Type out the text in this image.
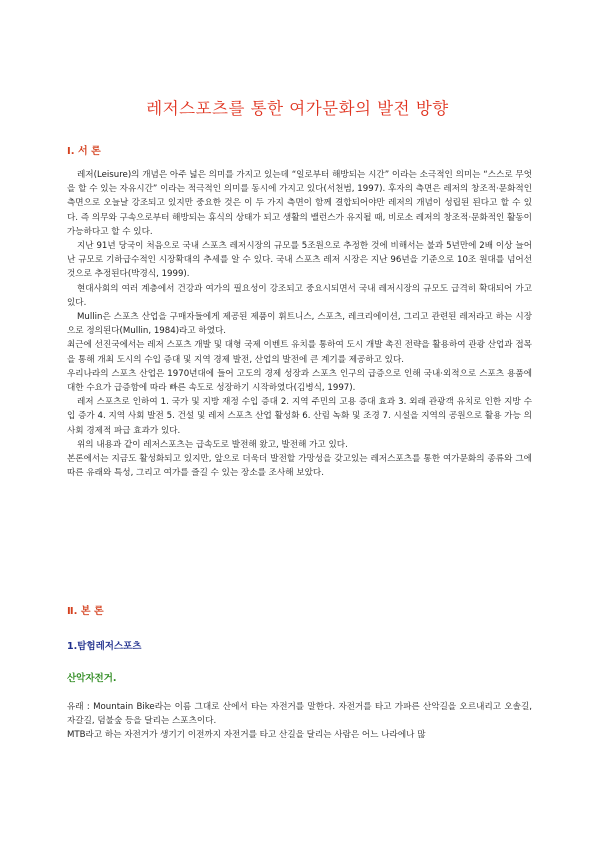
레저스포츠를 통한 여가문화의 발전 방향
Ⅰ. 서 론

레저(Leisure)의 개념은 아주 넓은 의미를 가지고 있는데 “일로부터 해방되는 시간” 이라는 소극적인 의미는 “스스로 무엇을 할 수 있는 자유시간” 이라는 적극적인 의미를 동시에 가지고 있다(서천범, 1997). 후자의 측면은 레저의 창조적·문화적인 측면으로 오늘날 강조되고 있지만 중요한 것은 이 두 가지 측면이 함께 결합되어야만 레저의 개념이 성립된 된다고 할 수 있다. 즉 의무와 구속으로부터 해방되는 휴식의 상태가 되고 생활의 밸런스가 유지될 때, 비로소 레저의 창조적·문화적인 활동이 가능하다고 할 수 있다.

지난 91년 당국이 처음으로 국내 스포츠 레저시장의 규모를 5조원으로 추정한 것에 비해서는 불과 5년만에 2배 이상 늘어난 규모로 기하급수적인 시장확대의 추세를 알 수 있다. 국내 스포츠 레저 시장은 지난 96년을 기준으로 10조 원대를 넘어선 것으로 추정된다(박경식, 1999).

현대사회의 여러 계층에서 건강과 여가의 필요성이 강조되고 중요시되면서 국내 레저시장의 규모도 급격히 확대되어 가고 있다.

Mullin은 스포츠 산업을 구매자들에게 제공된 제품이 휘트니스, 스포츠, 레크리에이션, 그리고 관련된 레저라고 하는 시장으로 정의된다(Mullin, 1984)라고 하였다.

최근에 선진국에서는 레저 스포츠 개발 및 대형 국제 이벤트 유치를 통하여 도시 개발 촉진 전략을 활용하여 관광 산업과 접목을 통해 개최 도시의 수입 증대 및 지역 경제 발전, 산업의 발전에 큰 계기를 제공하고 있다.

우리나라의 스포츠 산업은 1970년대에 들어 고도의 경제 성장과 스포츠 인구의 급증으로 인해 국내·외적으로 스포츠 용품에 대한 수요가 급증함에 따라 빠른 속도로 성장하기 시작하였다(김병식, 1997).

레저 스포츠로 인하여 1. 국가 및 지방 재정 수입 증대 2. 지역 주민의 고용 증대 효과 3. 외래 관광객 유치로 인한 지방 수입 증가 4. 지역 사회 발전 5. 건설 및 레저 스포츠 산업 활성화 6. 산림 녹화 및 조경 7. 시설을 지역의 공원으로 활용 가능 의 사회 경제적 파급 효과가 있다.

위의 내용과 같이 레저스포츠는 급속도로 발전해 왔고, 발전해 가고 있다.

본론에서는 지금도 활성화되고 있지만, 앞으로 더욱더 발전할 가망성을 갖고있는 레저스포츠를 통한 여가문화의 종류와 그에 따른 유래와 특성, 그리고 여가를 즐길 수 있는 장소를 조사해 보았다.

Ⅱ. 본 론
1.탐험레저스포츠
산악자전거.

유래 : Mountain Bike라는 이름 그대로 산에서 타는 자전거를 말한다. 자전거를 타고 가파른 산악길을 오르내리고 오솔길, 자갈길, 덤불숲 등을 달리는 스포츠이다.

MTB라고 하는 자전거가 생기기 이전까지 자전거를 타고 산길을 달리는 사람은 어느 나라에나 많
